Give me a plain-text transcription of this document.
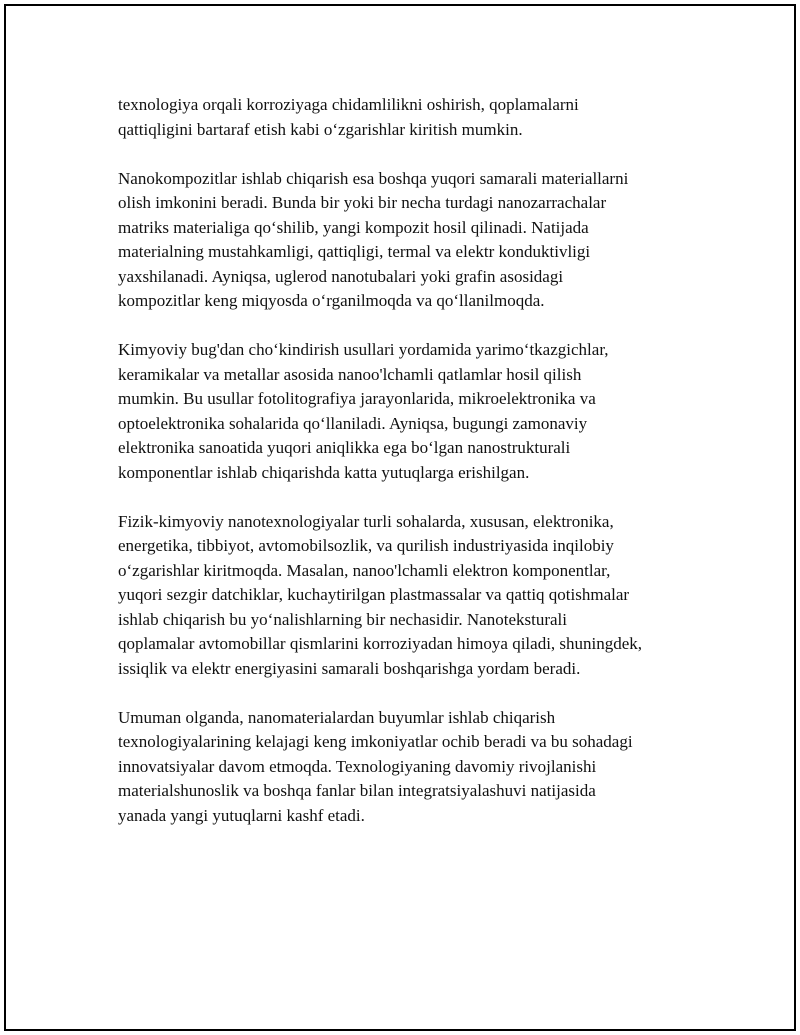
texnologiya orqali korroziyaga chidamlilikni oshirish, qoplamalarni
qattiqligini bartaraf etish kabi o‘zgarishlar kiritish mumkin.

Nanokompozitlar ishlab chiqarish esa boshqa yuqori samarali materiallarni
olish imkonini beradi. Bunda bir yoki bir necha turdagi nanozarrachalar
matriks materialiga qo‘shilib, yangi kompozit hosil qilinadi. Natijada
materialning mustahkamligi, qattiqligi, termal va elektr konduktivligi
yaxshilanadi. Ayniqsa, uglerod nanotubalari yoki grafin asosidagi
kompozitlar keng miqyosda o‘rganilmoqda va qo‘llanilmoqda.

Kimyoviy bug'dan cho‘kindirish usullari yordamida yarimo‘tkazgichlar,
keramikalar va metallar asosida nanoo'lchamli qatlamlar hosil qilish
mumkin. Bu usullar fotolitografiya jarayonlarida, mikroelektronika va
optoelektronika sohalarida qo‘llaniladi. Ayniqsa, bugungi zamonaviy
elektronika sanoatida yuqori aniqlikka ega bo‘lgan nanostrukturali
komponentlar ishlab chiqarishda katta yutuqlarga erishilgan.

Fizik-kimyoviy nanotexnologiyalar turli sohalarda, xususan, elektronika,
energetika, tibbiyot, avtomobilsozlik, va qurilish industriyasida inqilobiy
o‘zgarishlar kiritmoqda. Masalan, nanoo'lchamli elektron komponentlar,
yuqori sezgir datchiklar, kuchaytirilgan plastmassalar va qattiq qotishmalar
ishlab chiqarish bu yo‘nalishlarning bir nechasidir. Nanoteksturali
qoplamalar avtomobillar qismlarini korroziyadan himoya qiladi, shuningdek,
issiqlik va elektr energiyasini samarali boshqarishga yordam beradi.

Umuman olganda, nanomaterialardan buyumlar ishlab chiqarish
texnologiyalarining kelajagi keng imkoniyatlar ochib beradi va bu sohadagi
innovatsiyalar davom etmoqda. Texnologiyaning davomiy rivojlanishi
materialshunoslik va boshqa fanlar bilan integratsiyalashuvi natijasida
yanada yangi yutuqlarni kashf etadi.
